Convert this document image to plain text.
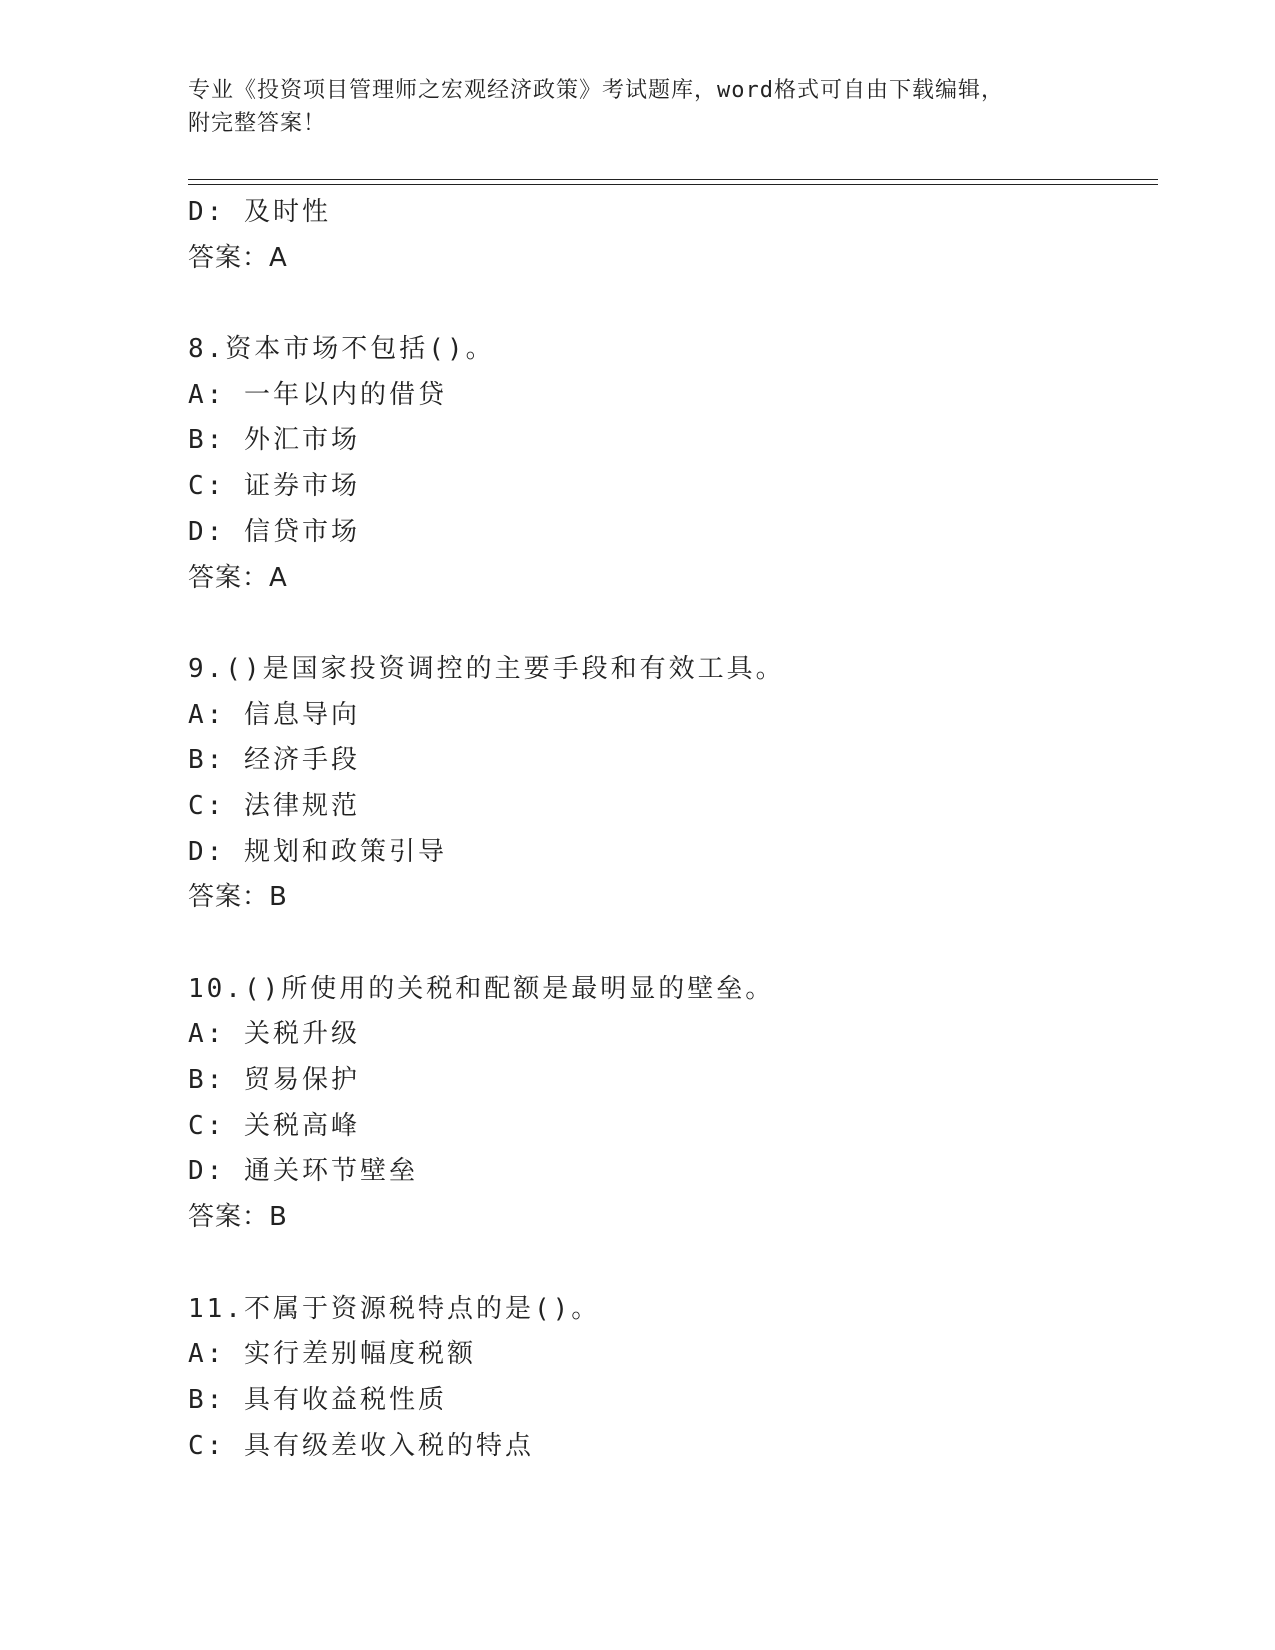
专业《投资项目管理师之宏观经济政策》考试题库，word格式可自由下载编辑，
附完整答案！
D: 及时性
答案：A
8.资本市场不包括()。
A: 一年以内的借贷
B: 外汇市场
C: 证券市场
D: 信贷市场
答案：A
9.()是国家投资调控的主要手段和有效工具。
A: 信息导向
B: 经济手段
C: 法律规范
D: 规划和政策引导
答案：B
10.()所使用的关税和配额是最明显的壁垒。
A: 关税升级
B: 贸易保护
C: 关税高峰
D: 通关环节壁垒
答案：B
11.不属于资源税特点的是()。
A: 实行差别幅度税额
B: 具有收益税性质
C: 具有级差收入税的特点
